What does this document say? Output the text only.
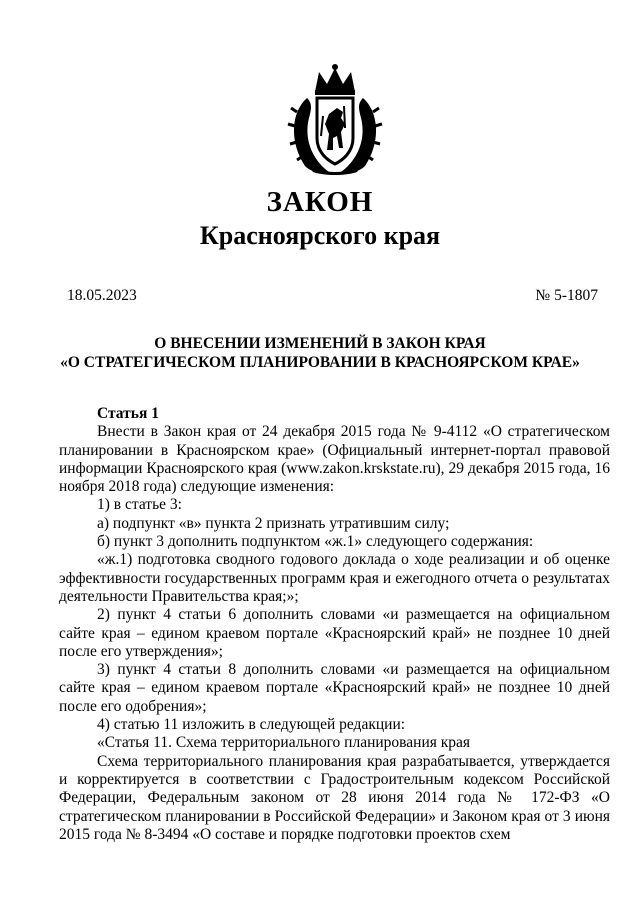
ЗАКОН
Красноярского края
18.05.2023	№ 5-1807
О ВНЕСЕНИИ ИЗМЕНЕНИЙ В ЗАКОН КРАЯ
«О СТРАТЕГИЧЕСКОМ ПЛАНИРОВАНИИ В КРАСНОЯРСКОМ КРАЕ»

Статья 1

Внести в Закон края от 24 декабря 2015 года № 9-4112 «О стратегическом планировании в Красноярском крае» (Официальный интернет-портал правовой информации Красноярского края (www.zakon.krskstate.ru), 29 декабря 2015 года, 16 ноября 2018 года) следующие изменения:

1) в статье 3:

а) подпункт «в» пункта 2 признать утратившим силу;

б) пункт 3 дополнить подпунктом «ж.1» следующего содержания:

«ж.1) подготовка сводного годового доклада о ходе реализации и об оценке эффективности государственных программ края и ежегодного отчета о результатах деятельности Правительства края;»;

2) пункт 4 статьи 6 дополнить словами «и размещается на официальном сайте края – едином краевом портале «Красноярский край» не позднее 10 дней после его утверждения»;

3) пункт 4 статьи 8 дополнить словами «и размещается на официальном сайте края – едином краевом портале «Красноярский край» не позднее 10 дней после его одобрения»;

4) статью 11 изложить в следующей редакции:

«Статья 11. Схема территориального планирования края

Схема территориального планирования края разрабатывается, утверждается и корректируется в соответствии с Градостроительным кодексом Российской Федерации, Федеральным законом от 28 июня 2014 года № 172-ФЗ «О стратегическом планировании в Российской Федерации» и Законом края от 3 июня 2015 года № 8-3494 «О составе и порядке подготовки проектов схем
